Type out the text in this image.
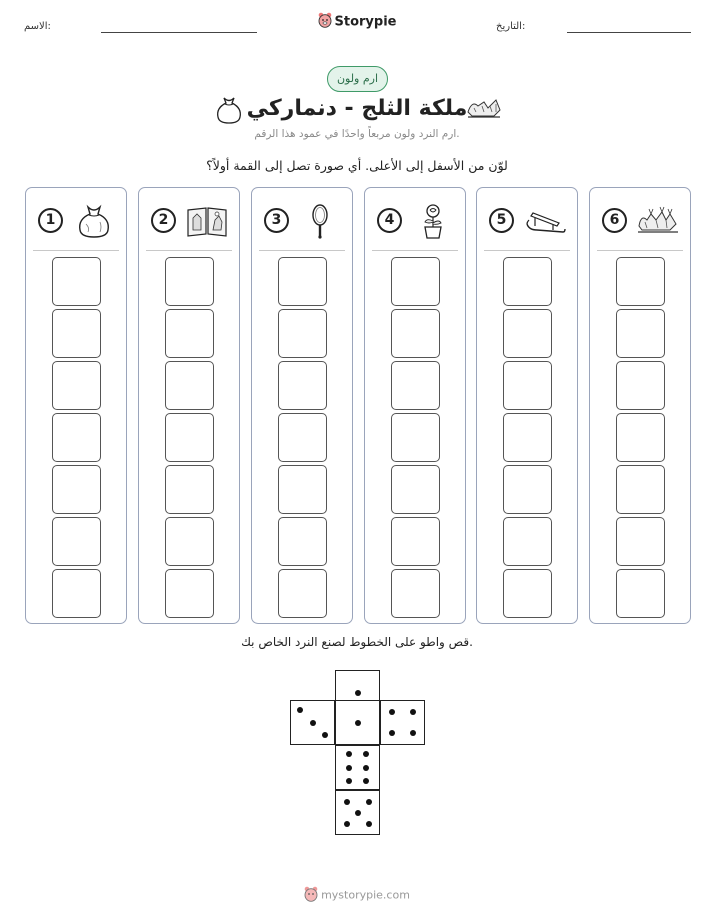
الاسم:	Storypie	التاريخ:
ارم ولون
ملكة الثلج - دنماركي
ارم النرد ولون مربعاً واحدًا في عمود هذا الرقم.
لوّن من الأسفل إلى الأعلى. أي صورة تصل إلى القمة أولاً؟
1	2	3	4	5	6
قص واطو على الخطوط لصنع النرد الخاص بك.
mystorypie.com
